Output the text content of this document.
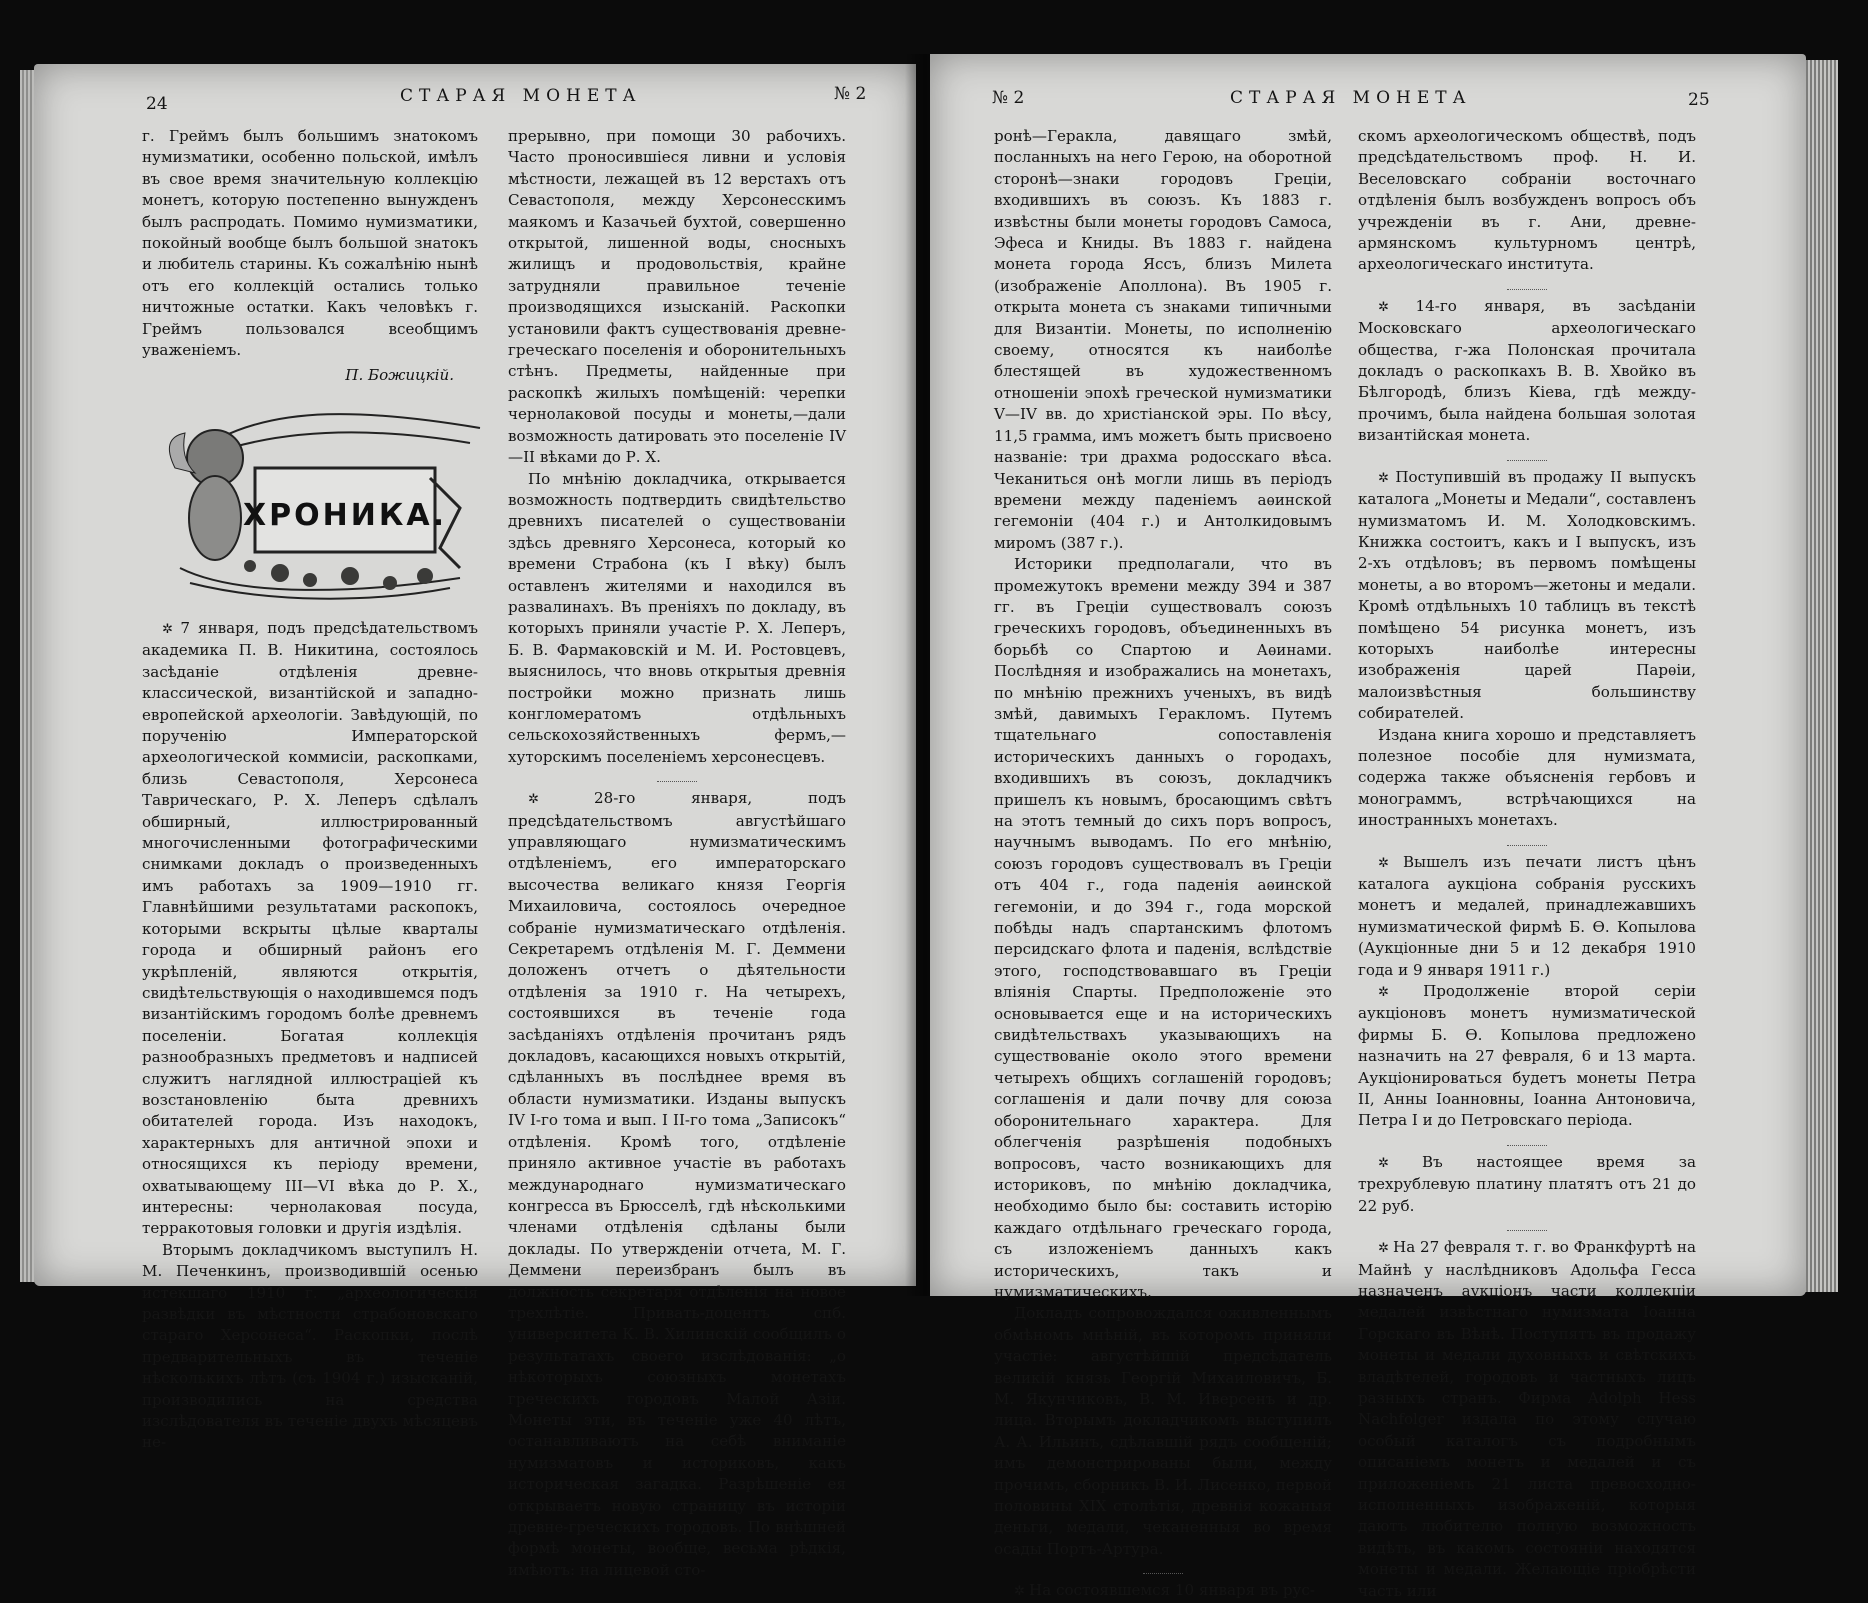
24	СТАРАЯ МОНЕТА	№ 2

г. Греймъ былъ большимъ знатокомъ нумизматики, особенно польской, имѣлъ въ свое время значительную коллекцію монетъ, которую постепенно вынужденъ былъ распродать. Помимо нумизматики, покойный вообще былъ большой знатокъ и любитель старины. Къ сожалѣнію нынѣ отъ его коллекцій остались только ничтожные остатки. Какъ человѣкъ г. Греймъ пользовался всеобщимъ уваженіемъ.

П. Божицкій.

ХРОНИКА.

✲ 7 января, подъ предсѣдательствомъ академика П. В. Никитина, состоялось засѣданіе отдѣленія древне-классической, византійской и западно-европейской археологіи. Завѣдующій, по порученію Императорской археологической коммисіи, раскопками, близь Севастополя, Херсонеса Таврическаго, Р. Х. Леперъ сдѣлалъ обширный, иллюстрированный многочисленными фотографическими снимками докладъ о произведенныхъ имъ работахъ за 1909—1910 гг. Главнѣйшими результатами раскопокъ, которыми вскрыты цѣлые кварталы города и обширный районъ его укрѣпленій, являются открытія, свидѣтельствующія о находившемся подъ византійскимъ городомъ болѣе древнемъ поселеніи. Богатая коллекція разнообразныхъ предметовъ и надписей служитъ наглядной иллюстраціей къ возстановленію быта древнихъ обитателей города. Изъ находокъ, характерныхъ для античной эпохи и относящихся къ періоду времени, охватывающему III—VI вѣка до Р. Х., интересны: чернолаковая посуда, терракотовыя головки и другія издѣлія.

Вторымъ докладчикомъ выступилъ Н. М. Печенкинъ, производившій осенью истекшаго 1910 г. „археологическія развѣдки въ мѣстности страбоновскаго стараго Херсонеса“. Раскопки, послѣ предварительныхъ въ теченіе нѣсколькихъ лѣтъ (съ 1904 г.) изысканій, производились на средства изслѣдователя въ теченіе двухъ мѣсяцевъ не-

прерывно, при помощи 30 рабочихъ. Часто проносившіеся ливни и условія мѣстности, лежащей въ 12 верстахъ отъ Севастополя, между Херсонесскимъ маякомъ и Казачьей бухтой, совершенно открытой, лишенной воды, сносныхъ жилищъ и продовольствія, крайне затрудняли правильное теченіе производящихся изысканій. Раскопки установили фактъ существованія древне-греческаго поселенія и оборонительныхъ стѣнъ. Предметы, найденные при раскопкѣ жилыхъ помѣщеній: черепки чернолаковой посуды и монеты,—дали возможность датировать это поселеніе IV—II вѣками до Р. Х.

По мнѣнію докладчика, открывается возможность подтвердить свидѣтельство древнихъ писателей о существованіи здѣсь древняго Херсонеса, который ко времени Страбона (къ I вѣку) былъ оставленъ жителями и находился въ развалинахъ. Въ преніяхъ по докладу, въ которыхъ приняли участіе Р. Х. Леперъ, Б. В. Фармаковскій и М. И. Ростовцевъ, выяснилось, что вновь открытыя древнія постройки можно признать лишь конгломератомъ отдѣльныхъ сельскохозяйственныхъ фермъ,—хуторскимъ поселеніемъ херсонесцевъ.

✲ 28-го января, подъ предсѣдательствомъ августѣйшаго управляющаго нумизматическимъ отдѣленіемъ, его императорскаго высочества великаго князя Георгія Михаиловича, состоялось очередное собраніе нумизматическаго отдѣленія. Секретаремъ отдѣленія М. Г. Деммени доложенъ отчетъ о дѣятельности отдѣленія за 1910 г. На четырехъ, состоявшихся въ теченіе года засѣданіяхъ отдѣленія прочитанъ рядъ докладовъ, касающихся новыхъ открытій, сдѣланныхъ въ послѣднее время въ области нумизматики. Изданы выпускъ IV I-го тома и вып. I II-го тома „Записокъ“ отдѣленія. Кромѣ того, отдѣленіе приняло активное участіе въ работахъ международнаго нумизматическаго конгресса въ Брюсселѣ, гдѣ нѣсколькими членами отдѣленія сдѣланы были доклады. По утвержденіи отчета, М. Г. Деммени переизбранъ былъ въ должность секретаря отдѣленія на новое трехлѣтіе. Привать-доцентъ спб. университета К. В. Хилинскій сообщилъ о результатахъ своего изслѣдованія: „о нѣкоторыхъ союзныхъ монетахъ греческихъ городовъ Малой Азіи. Монеты эти, въ теченіе уже 40 лѣтъ, останавливаютъ на себѣ вниманіе нумизматовъ и историковъ, какъ историческая загадка. Разрѣшеніе ея открываетъ новую страницу въ исторіи древне-греческихъ городовъ. По внѣшней формѣ монеты, вообще, весьма рѣдкія, имѣютъ: на лицевой сто-

№ 2	СТАРАЯ МОНЕТА	25

ронѣ—Геракла, давящаго змѣй, посланныхъ на него Герою, на оборотной сторонѣ—знаки городовъ Греціи, входившихъ въ союзъ. Къ 1883 г. извѣстны были монеты городовъ Самоса, Эфеса и Книды. Въ 1883 г. найдена монета города Яссъ, близъ Милета (изображеніе Аполлона). Въ 1905 г. открыта монета съ знаками типичными для Византіи. Монеты, по исполненію своему, относятся къ наиболѣе блестящей въ художественномъ отношеніи эпохѣ греческой нумизматики V—IV вв. до христіанской эры. По вѣсу, 11,5 грамма, имъ можетъ быть присвоено названіе: три драхма родосскаго вѣса. Чеканиться онѣ могли лишь въ періодъ времени между паденіемъ аѳинской гегемоніи (404 г.) и Антолкидовымъ миромъ (387 г.).

Историки предполагали, что въ промежутокъ времени между 394 и 387 гг. въ Греціи существовалъ союзъ греческихъ городовъ, объединенныхъ въ борьбѣ со Спартою и Аѳинами. Послѣдняя и изображались на монетахъ, по мнѣнію прежнихъ ученыхъ, въ видѣ змѣй, давимыхъ Геракломъ. Путемъ тщательнаго сопоставленія историческихъ данныхъ о городахъ, входившихъ въ союзъ, докладчикъ пришелъ къ новымъ, бросающимъ свѣтъ на этотъ темный до сихъ поръ вопросъ, научнымъ выводамъ. По его мнѣнію, союзъ городовъ существовалъ въ Греціи отъ 404 г., года паденія аѳинской гегемоніи, и до 394 г., года морской побѣды надъ спартанскимъ флотомъ персидскаго флота и паденія, вслѣдствіе этого, господствовавшаго въ Греціи вліянія Спарты. Предположеніе это основывается еще и на историческихъ свидѣтельствахъ указывающихъ на существованіе около этого времени четырехъ общихъ соглашеній городовъ; соглашенія и дали почву для союза оборонительнаго характера. Для облегченія разрѣшенія подобныхъ вопросовъ, часто возникающихъ для историковъ, по мнѣнію докладчика, необходимо было бы: составить исторію каждаго отдѣльнаго греческаго города, съ изложеніемъ данныхъ какъ историческихъ, такъ и нумизматическихъ.

Докладъ сопровождался оживленнымъ обмѣномъ мнѣній, въ которомъ приняли участіе: августѣйшій предсѣдатель великій князь Георгій Михаиловичъ, Б. М. Якунчиковъ, В. М. Иверсенъ и др. лица. Вторымъ докладчикомъ выступилъ А. А. Ильинъ, сдѣлавшій рядъ сообщеній; имъ демонстрированы были, между прочимъ, сборникъ В. И. Лисенко, первой половины XIX столѣтія, древнія кожаныя деньги, медали, чеканенныя во время осады Портъ-Артура.

✲ На состоявшемся 10 января въ рус-

скомъ археологическомъ обществѣ, подъ предсѣдательствомъ проф. Н. И. Веселовскаго собраніи восточнаго отдѣленія былъ возбужденъ вопросъ объ учрежденіи въ г. Ани, древне-армянскомъ культурномъ центрѣ, археологическаго института.

✲ 14-го января, въ засѣданіи Московскаго археологическаго общества, г-жа Полонская прочитала докладъ о раскопкахъ В. В. Хвойко въ Бѣлгородѣ, близъ Кіева, гдѣ между-прочимъ, была найдена большая золотая византійская монета.

✲ Поступившій въ продажу II выпускъ каталога „Монеты и Медали“, составленъ нумизматомъ И. М. Холодковскимъ. Книжка состоитъ, какъ и I выпускъ, изъ 2-хъ отдѣловъ; въ первомъ помѣщены монеты, а во второмъ—жетоны и медали. Кромѣ отдѣльныхъ 10 таблицъ въ текстѣ помѣщено 54 рисунка монетъ, изъ которыхъ наиболѣе интересны изображенія царей Парѳіи, малоизвѣстныя большинству собирателей.

Издана книга хорошо и представляетъ полезное пособіе для нумизмата, содержа также объясненія гербовъ и монограммъ, встрѣчающихся на иностранныхъ монетахъ.

✲ Вышелъ изъ печати листъ цѣнъ каталога аукціона собранія русскихъ монетъ и медалей, принадлежавшихъ нумизматической фирмѣ Б. Ѳ. Копылова (Аукціонные дни 5 и 12 декабря 1910 года и 9 января 1911 г.)

✲ Продолженіе второй серіи аукціоновъ монетъ нумизматической фирмы Б. Ѳ. Копылова предложено назначить на 27 февраля, 6 и 13 марта. Аукціонироваться будетъ монеты Петра II, Анны Іоанновны, Іоанна Антоновича, Петра I и до Петровскаго періода.

✲ Въ настоящее время за трехрублевую платину платятъ отъ 21 до 22 руб.

✲ На 27 февраля т. г. во Франкфуртѣ на Майнѣ у наслѣдниковъ Адольфа Гесса назначенъ аукціонъ части коллекціи медалей извѣстнаго нумизмата Іоанна Горскаго въ Вѣнѣ. Поступятъ въ продажу монеты и медали духовныхъ и свѣтскихъ владѣтелей, городовъ и частныхъ лицъ разныхъ странъ. Фирма Adolph Hess Nachfolger издала по этому случаю особый каталогъ съ подробнымъ описаніемъ монетъ и медалей и съ приложеніемъ 21 листа превосходно-исполненныхъ изображеній, которыя даютъ любителю полную возможность видѣть, въ какомъ состояніи находятся монеты и медали. Желающіе пріобрѣсти часть или
